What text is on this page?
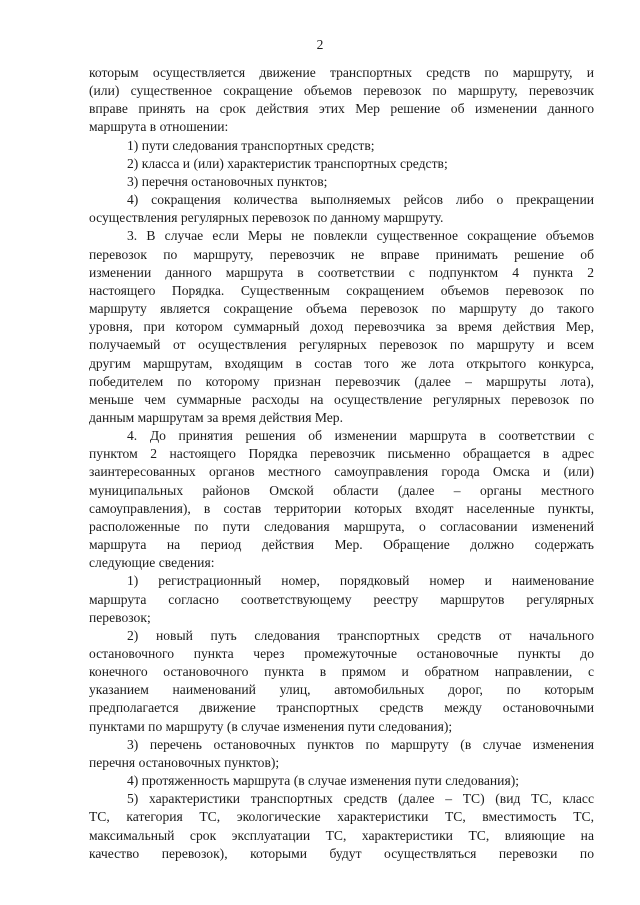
2

которым осуществляется движение транспортных средств по маршруту, и

(или) существенное сокращение объемов перевозок по маршруту, перевозчик

вправе принять на срок действия этих Мер решение об изменении данного

маршрута в отношении:

1) пути следования транспортных средств;

2) класса и (или) характеристик транспортных средств;

3) перечня остановочных пунктов;

4) сокращения количества выполняемых рейсов либо о прекращении

осуществления регулярных перевозок по данному маршруту.

3. В случае если Меры не повлекли существенное сокращение объемов

перевозок по маршруту, перевозчик не вправе принимать решение об

изменении данного маршрута в соответствии с подпунктом 4 пункта 2

настоящего Порядка. Существенным сокращением объемов перевозок по

маршруту является сокращение объема перевозок по маршруту до такого

уровня, при котором суммарный доход перевозчика за время действия Мер,

получаемый от осуществления регулярных перевозок по маршруту и всем

другим маршрутам, входящим в состав того же лота открытого конкурса,

победителем по которому признан перевозчик (далее – маршруты лота),

меньше чем суммарные расходы на осуществление регулярных перевозок по

данным маршрутам за время действия Мер.

4. До принятия решения об изменении маршрута в соответствии с

пунктом 2 настоящего Порядка перевозчик письменно обращается в адрес

заинтересованных органов местного самоуправления города Омска и (или)

муниципальных районов Омской области (далее – органы местного

самоуправления), в состав территории которых входят населенные пункты,

расположенные по пути следования маршрута, о согласовании изменений

маршрута на период действия Мер. Обращение должно содержать

следующие сведения:

1) регистрационный номер, порядковый номер и наименование

маршрута согласно соответствующему реестру маршрутов регулярных

перевозок;

2) новый путь следования транспортных средств от начального

остановочного пункта через промежуточные остановочные пункты до

конечного остановочного пункта в прямом и обратном направлении, с

указанием наименований улиц, автомобильных дорог, по которым

предполагается движение транспортных средств между остановочными

пунктами по маршруту (в случае изменения пути следования);

3) перечень остановочных пунктов по маршруту (в случае изменения

перечня остановочных пунктов);

4) протяженность маршрута (в случае изменения пути следования);

5) характеристики транспортных средств (далее – ТС) (вид ТС, класс

ТС, категория ТС, экологические характеристики ТС, вместимость ТС,

максимальный срок эксплуатации ТС, характеристики ТС, влияющие на

качество перевозок), которыми будут осуществляться перевозки по
